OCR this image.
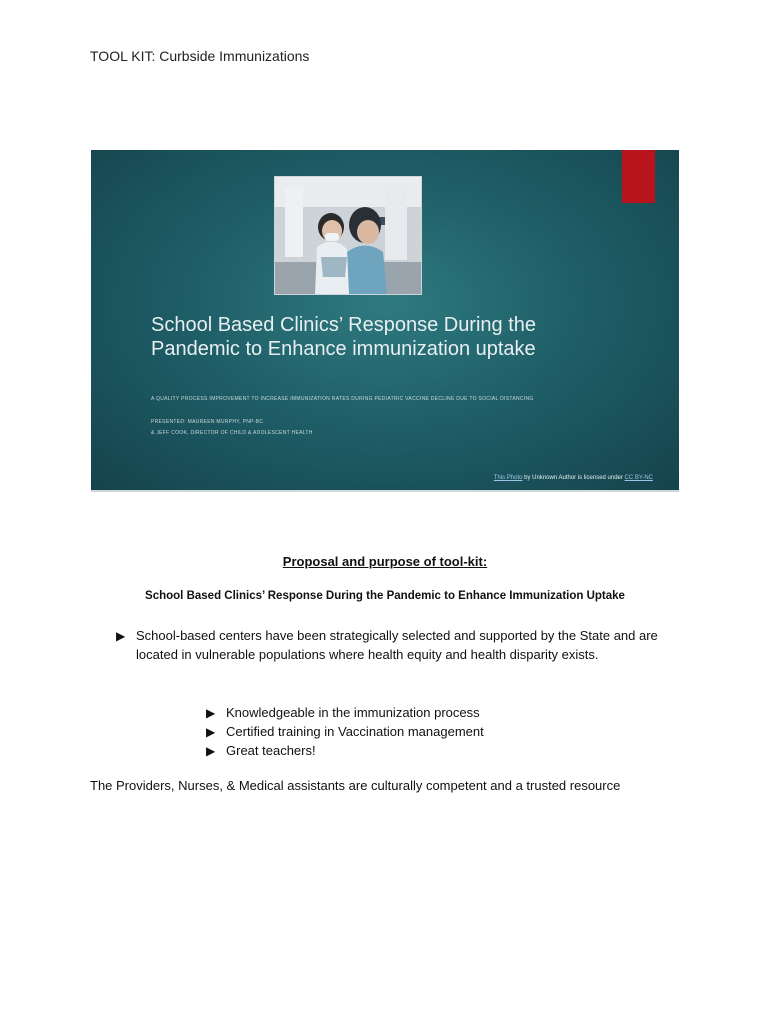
TOOL KIT: Curbside Immunizations
School Based Clinics’ Response During the Pandemic to Enhance immunization uptake
A QUALITY PROCESS IMPROVEMENT TO INCREASE IMMUNIZATION RATES DURING PEDIATRIC VACCINE DECLINE DUE TO SOCIAL DISTANCING
PRESENTED: MAUREEN MURPHY, PNP-BC
& JEFF COOK, DIRECTOR OF CHILD & ADOLESCENT HEALTH
This Photo by Unknown Author is licensed under CC BY-NC
Proposal and purpose of tool-kit:
School Based Clinics’ Response During the Pandemic to Enhance Immunization Uptake
▶ School-based centers have been strategically selected and supported by the State and are located in vulnerable populations where health equity and health disparity exists.
▶ Knowledgeable in the immunization process
▶ Certified training in Vaccination management
▶ Great teachers!
The Providers, Nurses, & Medical assistants are culturally competent and a trusted resource
